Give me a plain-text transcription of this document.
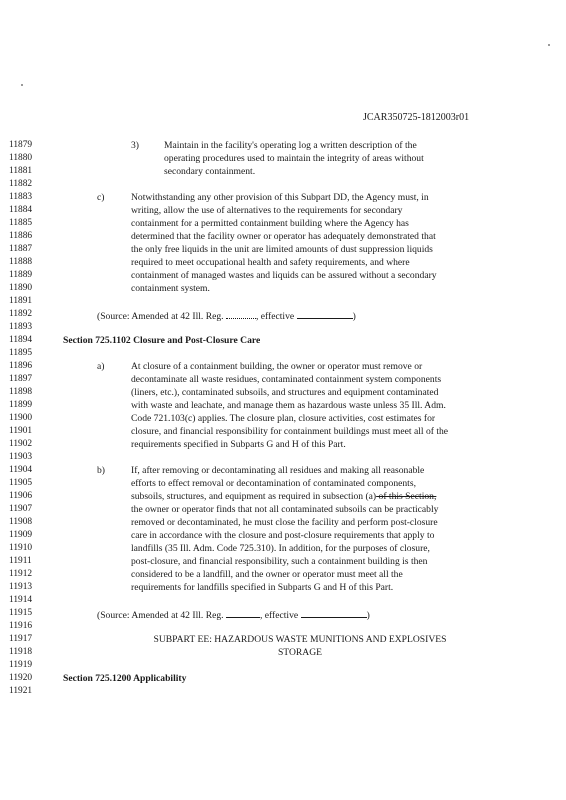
JCAR350725-1812003r01
11879
11880
11881
11882
11883
11884
11885
11886
11887
11888
11889
11890
11891
11892
11893
11894
11895
11896
11897
11898
11899
11900
11901
11902
11903
11904
11905
11906
11907
11908
11909
11910
11911
11912
11913
11914
11915
11916
11917
11918
11919
11920
11921
3)	Maintain in the facility's operating log a written description of the
operating procedures used to maintain the integrity of areas without
secondary containment.
c)	Notwithstanding any other provision of this Subpart DD, the Agency must, in
writing, allow the use of alternatives to the requirements for secondary
containment for a permitted containment building where the Agency has
determined that the facility owner or operator has adequately demonstrated that
the only free liquids in the unit are limited amounts of dust suppression liquids
required to meet occupational health and safety requirements, and where
containment of managed wastes and liquids can be assured without a secondary
containment system.
(Source: Amended at 42 Ill. Reg.	, effective	)
Section 725.1102 Closure and Post-Closure Care
a)	At closure of a containment building, the owner or operator must remove or
decontaminate all waste residues, contaminated containment system components
(liners, etc.), contaminated subsoils, and structures and equipment contaminated
with waste and leachate, and manage them as hazardous waste unless 35 Ill. Adm.
Code 721.103(c) applies. The closure plan, closure activities, cost estimates for
closure, and financial responsibility for containment buildings must meet all of the
requirements specified in Subparts G and H of this Part.
b)	If, after removing or decontaminating all residues and making all reasonable
efforts to effect removal or decontamination of contaminated components,
subsoils, structures, and equipment as required in subsection (a) of this Section,
the owner or operator finds that not all contaminated subsoils can be practicably
removed or decontaminated, he must close the facility and perform post-closure
care in accordance with the closure and post-closure requirements that apply to
landfills (35 Ill. Adm. Code 725.310). In addition, for the purposes of closure,
post-closure, and financial responsibility, such a containment building is then
considered to be a landfill, and the owner or operator must meet all the
requirements for landfills specified in Subparts G and H of this Part.
(Source: Amended at 42 Ill. Reg.	, effective	)
SUBPART EE: HAZARDOUS WASTE MUNITIONS AND EXPLOSIVES
STORAGE
Section 725.1200 Applicability
